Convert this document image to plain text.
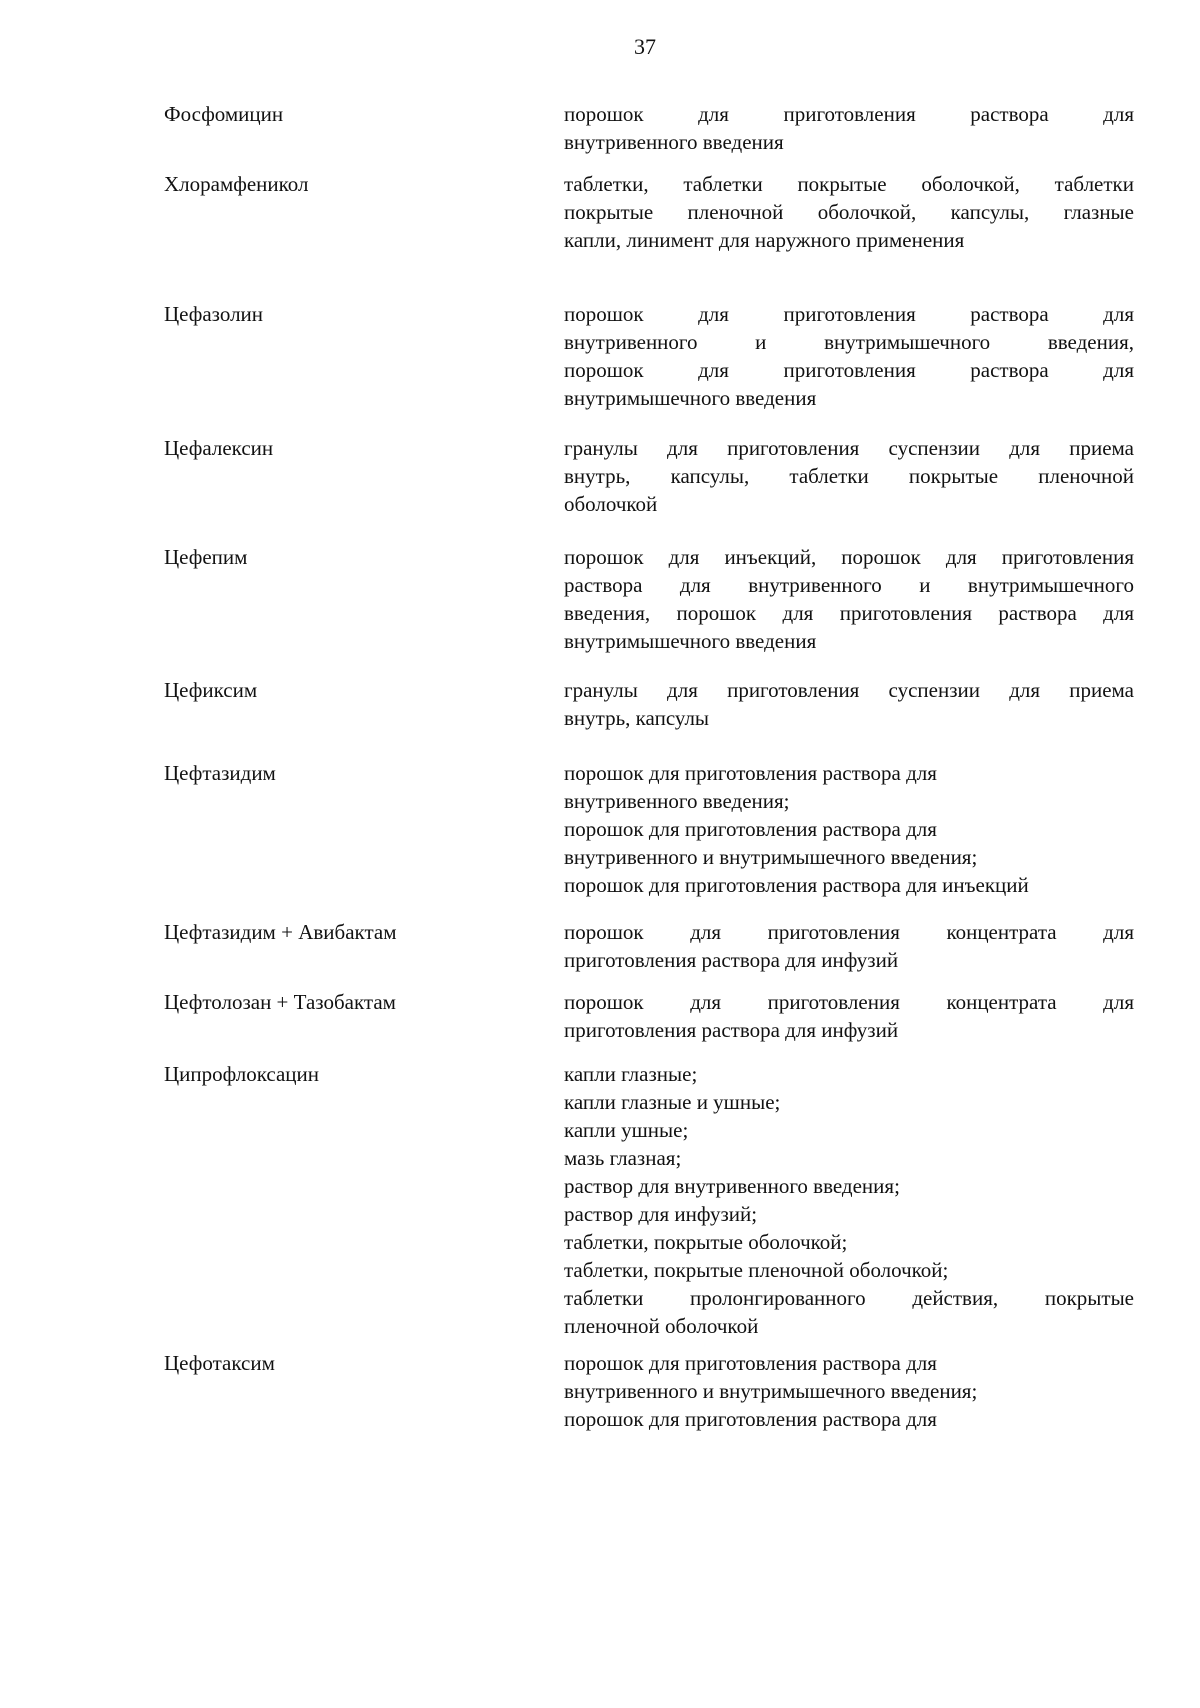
37
Фосфомицин	порошок для приготовления раствора для
внутривенного введения
Хлорамфеникол	таблетки, таблетки покрытые оболочкой, таблетки
покрытые пленочной оболочкой, капсулы, глазные
капли, линимент для наружного применения
Цефазолин	порошок для приготовления раствора для
внутривенного и внутримышечного введения,
порошок для приготовления раствора для
внутримышечного введения
Цефалексин	гранулы для приготовления суспензии для приема
внутрь, капсулы, таблетки покрытые пленочной
оболочкой
Цефепим	порошок для инъекций, порошок для приготовления
раствора для внутривенного и внутримышечного
введения, порошок для приготовления раствора для
внутримышечного введения
Цефиксим	гранулы для приготовления суспензии для приема
внутрь, капсулы
Цефтазидим	порошок для приготовления раствора для
внутривенного введения;
порошок для приготовления раствора для
внутривенного и внутримышечного введения;
порошок для приготовления раствора для инъекций
Цефтазидим + Авибактам	порошок для приготовления концентрата для
приготовления раствора для инфузий
Цефтолозан + Тазобактам	порошок для приготовления концентрата для
приготовления раствора для инфузий
Ципрофлоксацин	капли глазные;
капли глазные и ушные;
капли ушные;
мазь глазная;
раствор для внутривенного введения;
раствор для инфузий;
таблетки, покрытые оболочкой;
таблетки, покрытые пленочной оболочкой;
таблетки пролонгированного действия, покрытые
пленочной оболочкой
Цефотаксим	порошок для приготовления раствора для
внутривенного и внутримышечного введения;
порошок для приготовления раствора для
